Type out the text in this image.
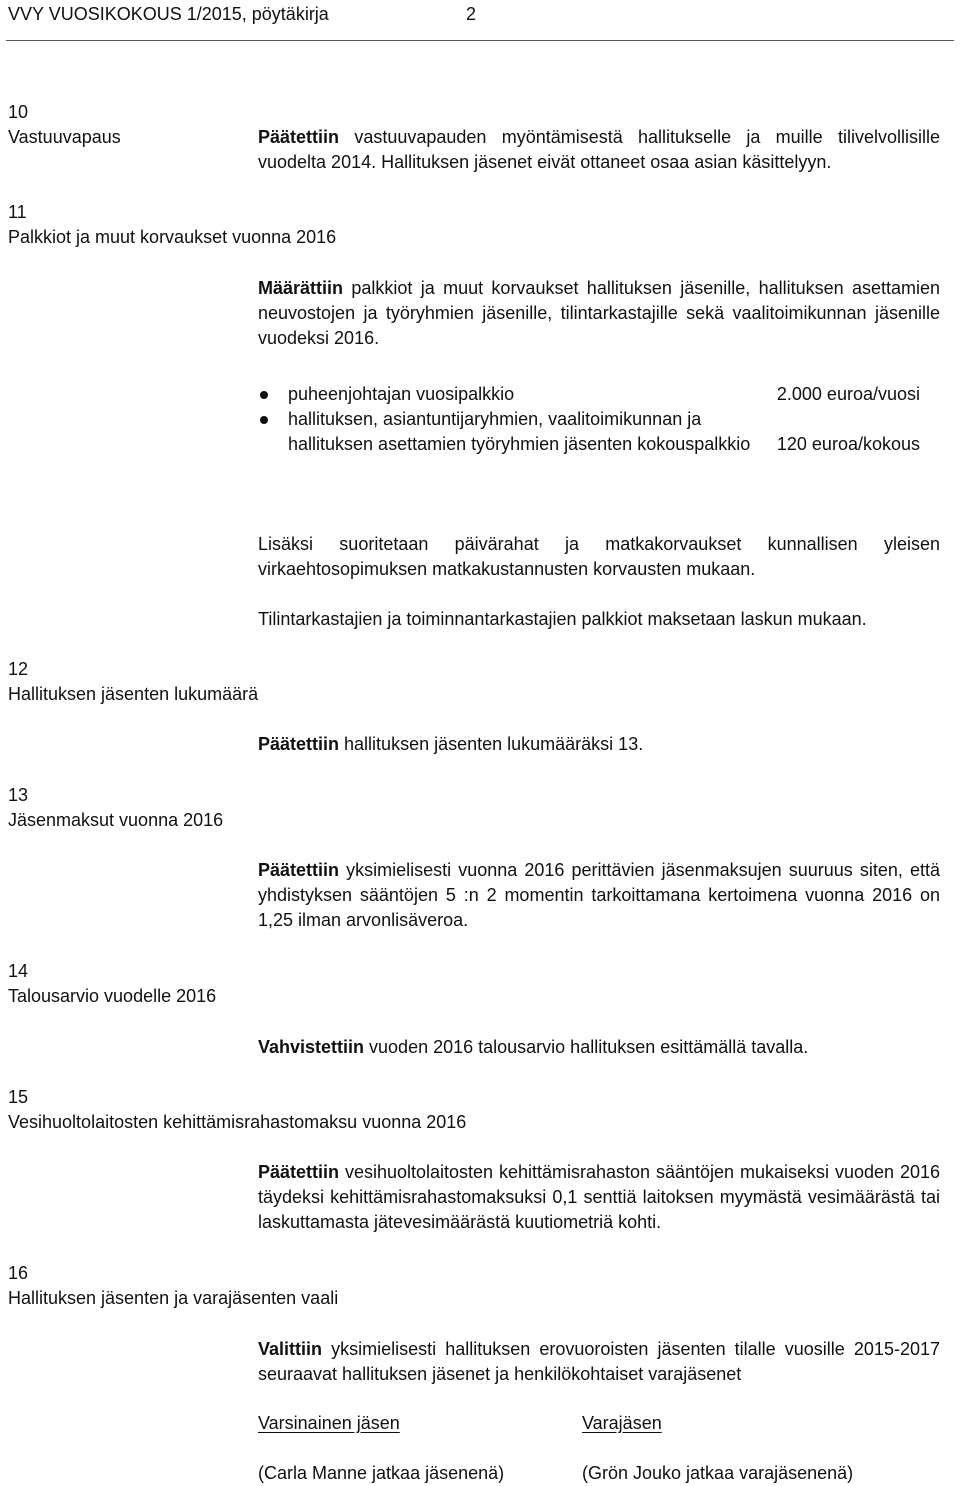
VVY VUOSIKOKOUS 1/2015, pöytäkirja	2
10
Vastuuvapaus	Päätettiin vastuuvapauden myöntämisestä hallitukselle ja muille tilivelvollisille vuodelta 2014. Hallituksen jäsenet eivät ottaneet osaa asian käsittelyyn.
11
Palkkiot ja muut korvaukset vuonna 2016
Määrättiin palkkiot ja muut korvaukset hallituksen jäsenille, hallituksen asettamien neuvostojen ja työryhmien jäsenille, tilintarkastajille sekä vaalitoimikunnan jäsenille vuodeksi 2016.
puheenjohtajan vuosipalkkio	2.000 euroa/vuosi
hallituksen, asiantuntijaryhmien, vaalitoimikunnan ja hallituksen asettamien työryhmien jäsenten kokouspalkkio 120 euroa/kokous
Lisäksi suoritetaan päivärahat ja matkakorvaukset kunnallisen yleisen virkaehtosopimuksen matkakustannusten korvausten mukaan.
Tilintarkastajien ja toiminnantarkastajien palkkiot maksetaan laskun mukaan.
12
Hallituksen jäsenten lukumäärä
Päätettiin hallituksen jäsenten lukumääräksi 13.
13
Jäsenmaksut vuonna 2016
Päätettiin yksimielisesti vuonna 2016 perittävien jäsenmaksujen suuruus siten, että yhdistyksen sääntöjen 5 :n 2 momentin tarkoittamana kertoimena vuonna 2016 on 1,25 ilman arvonlisäveroa.
14
Talousarvio vuodelle 2016
Vahvistettiin vuoden 2016 talousarvio hallituksen esittämällä tavalla.
15
Vesihuoltolaitosten kehittämisrahastomaksu vuonna 2016
Päätettiin vesihuoltolaitosten kehittämisrahaston sääntöjen mukaiseksi vuoden 2016 täydeksi kehittämisrahastomaksuksi 0,1 senttiä laitoksen myymästä vesimäärästä tai laskuttamasta jätevesimäärästä kuutiometriä kohti.
16
Hallituksen jäsenten ja varajäsenten vaali
Valittiin yksimielisesti hallituksen erovuoroisten jäsenten tilalle vuosille 2015-2017 seuraavat hallituksen jäsenet ja henkilökohtaiset varajäsenet
Varsinainen jäsen	Varajäsen
(Carla Manne jatkaa jäsenenä)	(Grön Jouko jatkaa varajäsenenä)
